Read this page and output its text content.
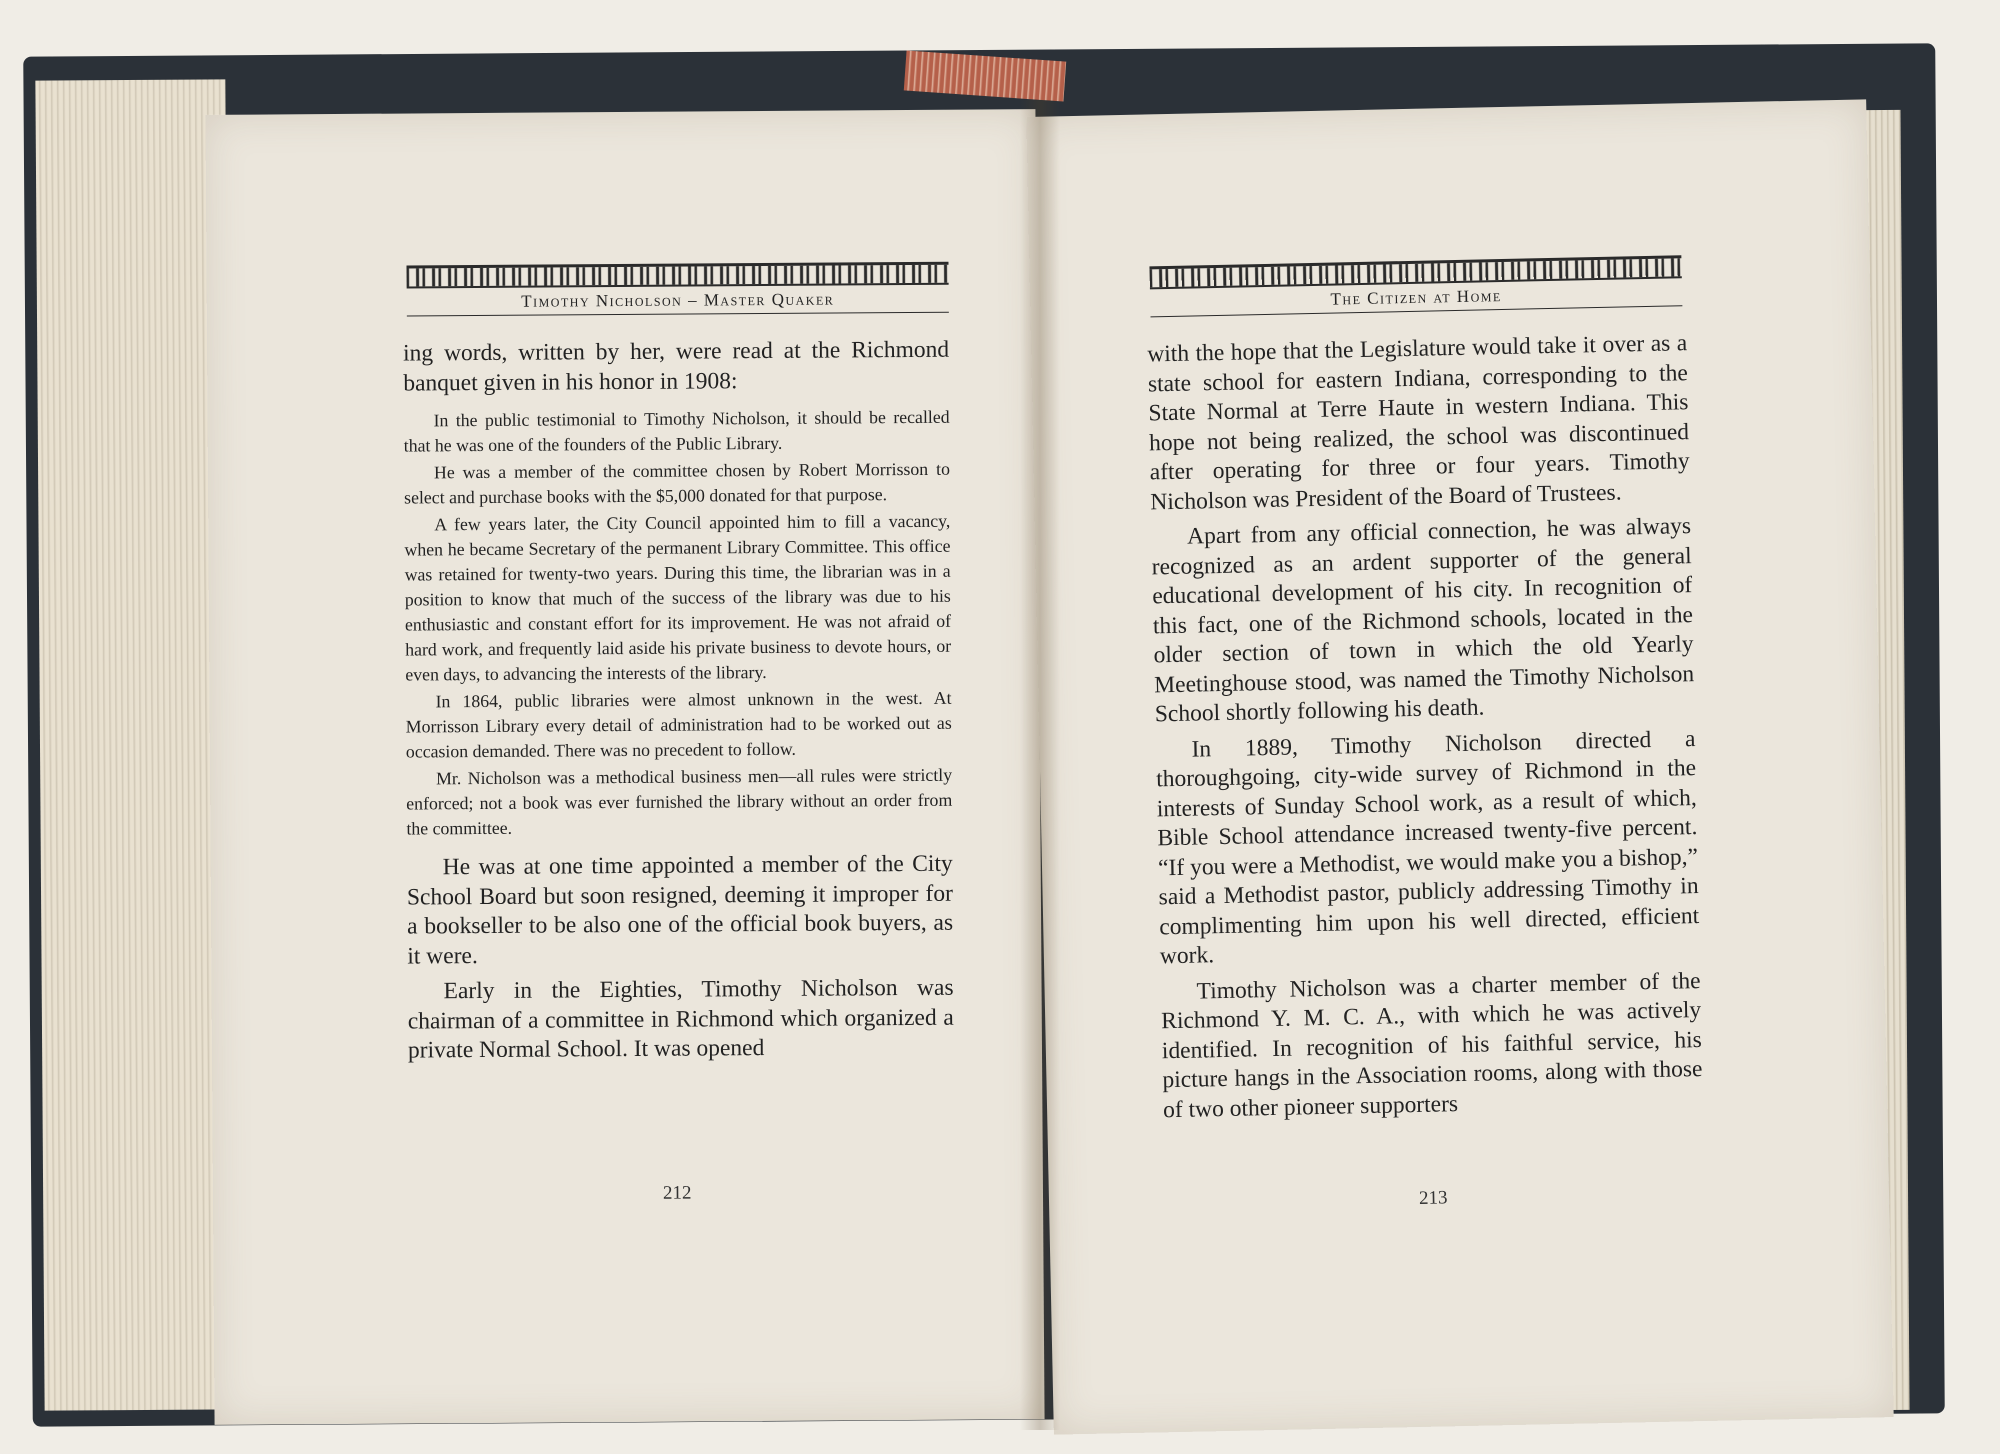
Timothy Nicholson – Master Quaker

ing words, written by her, were read at the Richmond banquet given in his honor in 1908:

In the public testimonial to Timothy Nicholson, it should be recalled that he was one of the founders of the Public Library.

He was a member of the committee chosen by Robert Morrisson to select and purchase books with the $5,000 donated for that purpose.

A few years later, the City Council appointed him to fill a vacancy, when he became Secretary of the permanent Library Committee. This office was retained for twenty-two years. During this time, the librarian was in a position to know that much of the success of the library was due to his enthusiastic and constant effort for its improvement. He was not afraid of hard work, and frequently laid aside his private business to devote hours, or even days, to advancing the interests of the library.

In 1864, public libraries were almost unknown in the west. At Morrisson Library every detail of administration had to be worked out as occasion demanded. There was no precedent to follow.

Mr. Nicholson was a methodical business men—all rules were strictly enforced; not a book was ever furnished the library without an order from the committee.

He was at one time appointed a member of the City School Board but soon resigned, deeming it improper for a bookseller to be also one of the official book buyers, as it were.

Early in the Eighties, Timothy Nicholson was chairman of a committee in Richmond which organized a private Normal School. It was opened

212
The Citizen at Home

with the hope that the Legislature would take it over as a state school for eastern Indiana, corresponding to the State Normal at Terre Haute in western Indiana. This hope not being realized, the school was discontinued after operating for three or four years. Timothy Nicholson was President of the Board of Trustees.

Apart from any official connection, he was always recognized as an ardent supporter of the general educational development of his city. In recognition of this fact, one of the Richmond schools, located in the older section of town in which the old Yearly Meetinghouse stood, was named the Timothy Nicholson School shortly following his death.

In 1889, Timothy Nicholson directed a thoroughgoing, city-wide survey of Richmond in the interests of Sunday School work, as a result of which, Bible School attendance increased twenty-five percent. “If you were a Methodist, we would make you a bishop,” said a Methodist pastor, publicly addressing Timothy in complimenting him upon his well directed, efficient work.

Timothy Nicholson was a charter member of the Richmond Y. M. C. A., with which he was actively identified. In recognition of his faithful service, his picture hangs in the Association rooms, along with those of two other pioneer supporters

213
